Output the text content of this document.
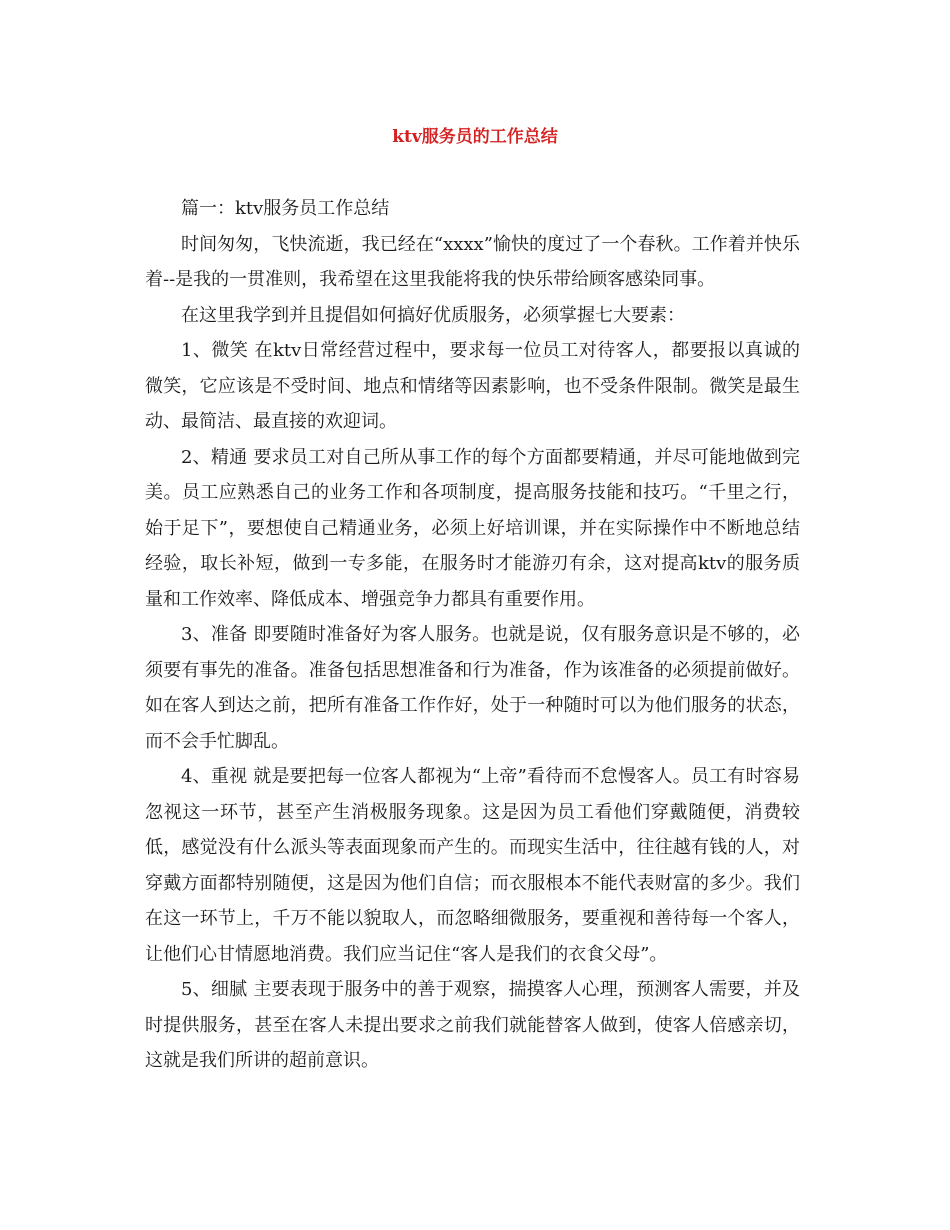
ktv服务员的工作总结

篇一：ktv服务员工作总结

时间匆匆，飞快流逝，我已经在“xxxx”愉快的度过了一个春秋。工作着并快乐着--是我的一贯准则，我希望在这里我能将我的快乐带给顾客感染同事。

在这里我学到并且提倡如何搞好优质服务，必须掌握七大要素：

1、微笑 在ktv日常经营过程中，要求每一位员工对待客人，都要报以真诚的微笑，它应该是不受时间、地点和情绪等因素影响，也不受条件限制。微笑是最生动、最简洁、最直接的欢迎词。

2、精通 要求员工对自己所从事工作的每个方面都要精通，并尽可能地做到完美。员工应熟悉自己的业务工作和各项制度，提高服务技能和技巧。“千里之行，始于足下”，要想使自己精通业务，必须上好培训课，并在实际操作中不断地总结经验，取长补短，做到一专多能，在服务时才能游刃有余，这对提高ktv的服务质量和工作效率、降低成本、增强竞争力都具有重要作用。

3、准备 即要随时准备好为客人服务。也就是说，仅有服务意识是不够的，必须要有事先的准备。准备包括思想准备和行为准备，作为该准备的必须提前做好。如在客人到达之前，把所有准备工作作好，处于一种随时可以为他们服务的状态，而不会手忙脚乱。

4、重视 就是要把每一位客人都视为“上帝”看待而不怠慢客人。员工有时容易忽视这一环节，甚至产生消极服务现象。这是因为员工看他们穿戴随便，消费较低，感觉没有什么派头等表面现象而产生的。而现实生活中，往往越有钱的人，对穿戴方面都特别随便，这是因为他们自信；而衣服根本不能代表财富的多少。我们在这一环节上，千万不能以貌取人，而忽略细微服务，要重视和善待每一个客人，让他们心甘情愿地消费。我们应当记住“客人是我们的衣食父母”。

5、细腻 主要表现于服务中的善于观察，揣摸客人心理，预测客人需要，并及时提供服务，甚至在客人未提出要求之前我们就能替客人做到，使客人倍感亲切，这就是我们所讲的超前意识。
